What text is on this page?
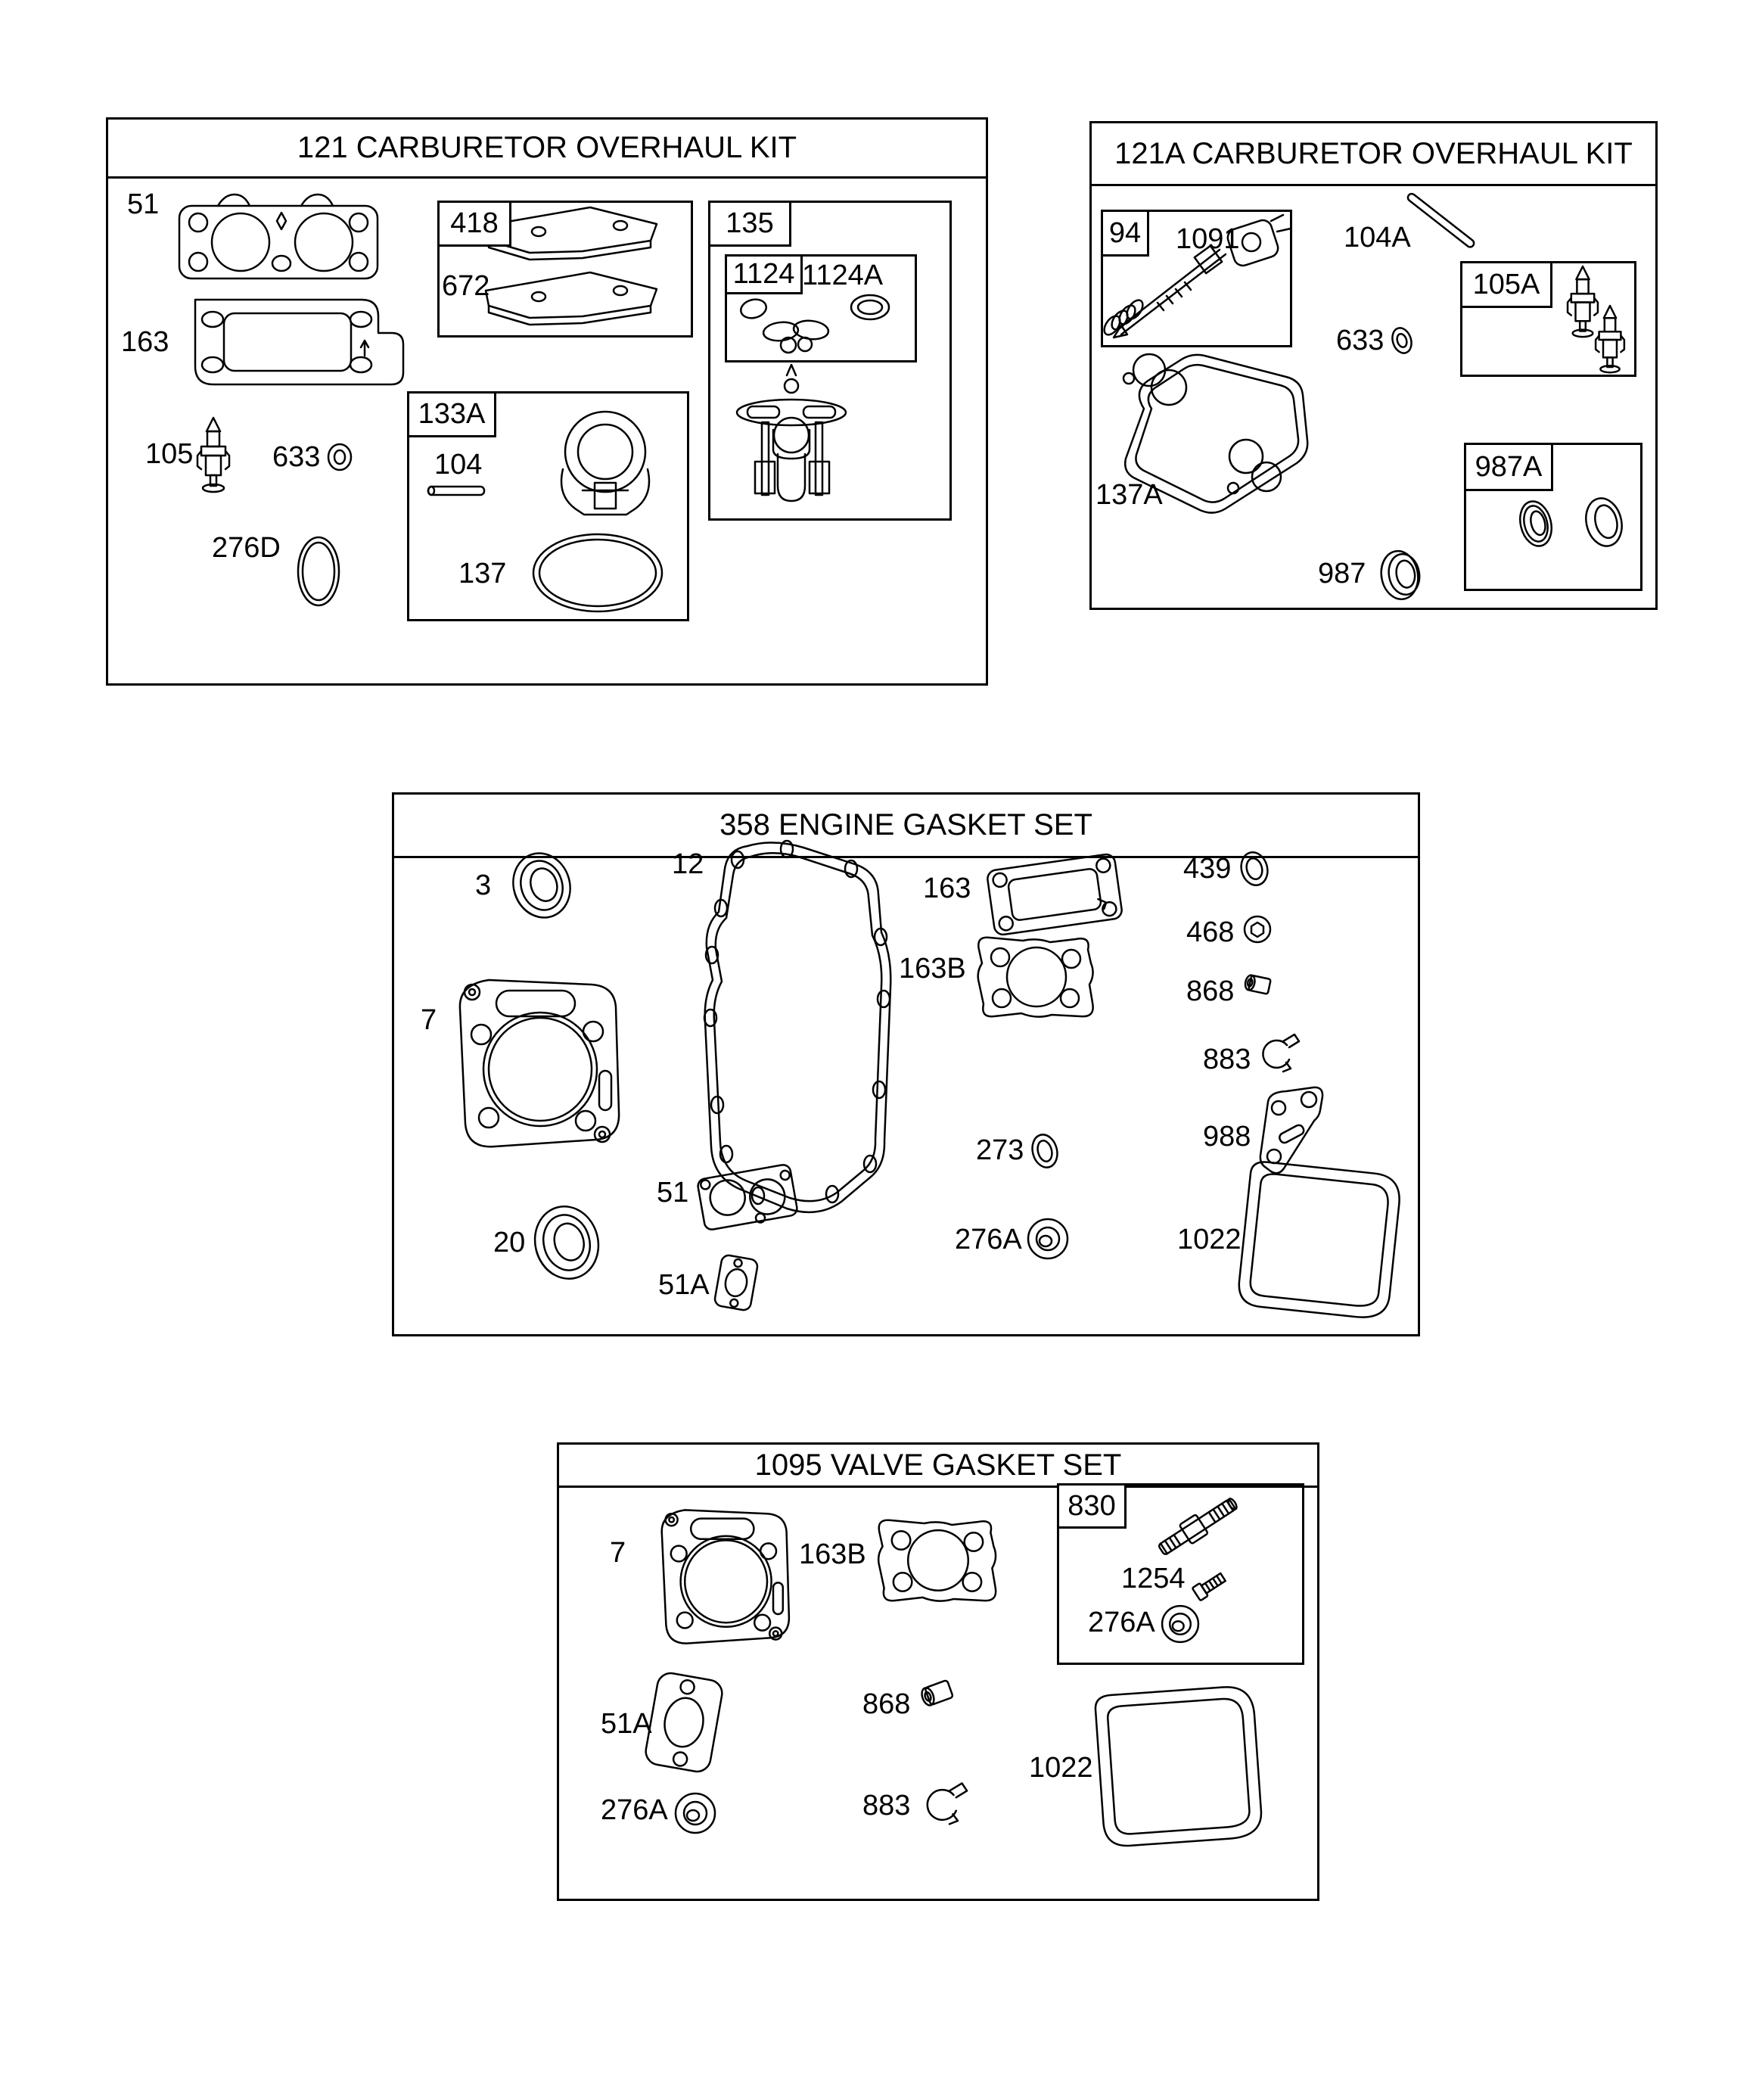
121 CARBURETOR OVERHAUL KIT	121A CARBURETOR OVERHAUL KIT
358 ENGINE GASKET SET
1095 VALVE GASKET SET
418
133A
135
1124
94
105A
987A
830
51
163
105	633
276D
672
104
137
1124A
1091	104A
633
137A
987
3
12
7
20
51
51A
163
163B
439
468
868
883
988
273
276A	1022
7	163B
1254
276A
51A
868
1022
276A	883
